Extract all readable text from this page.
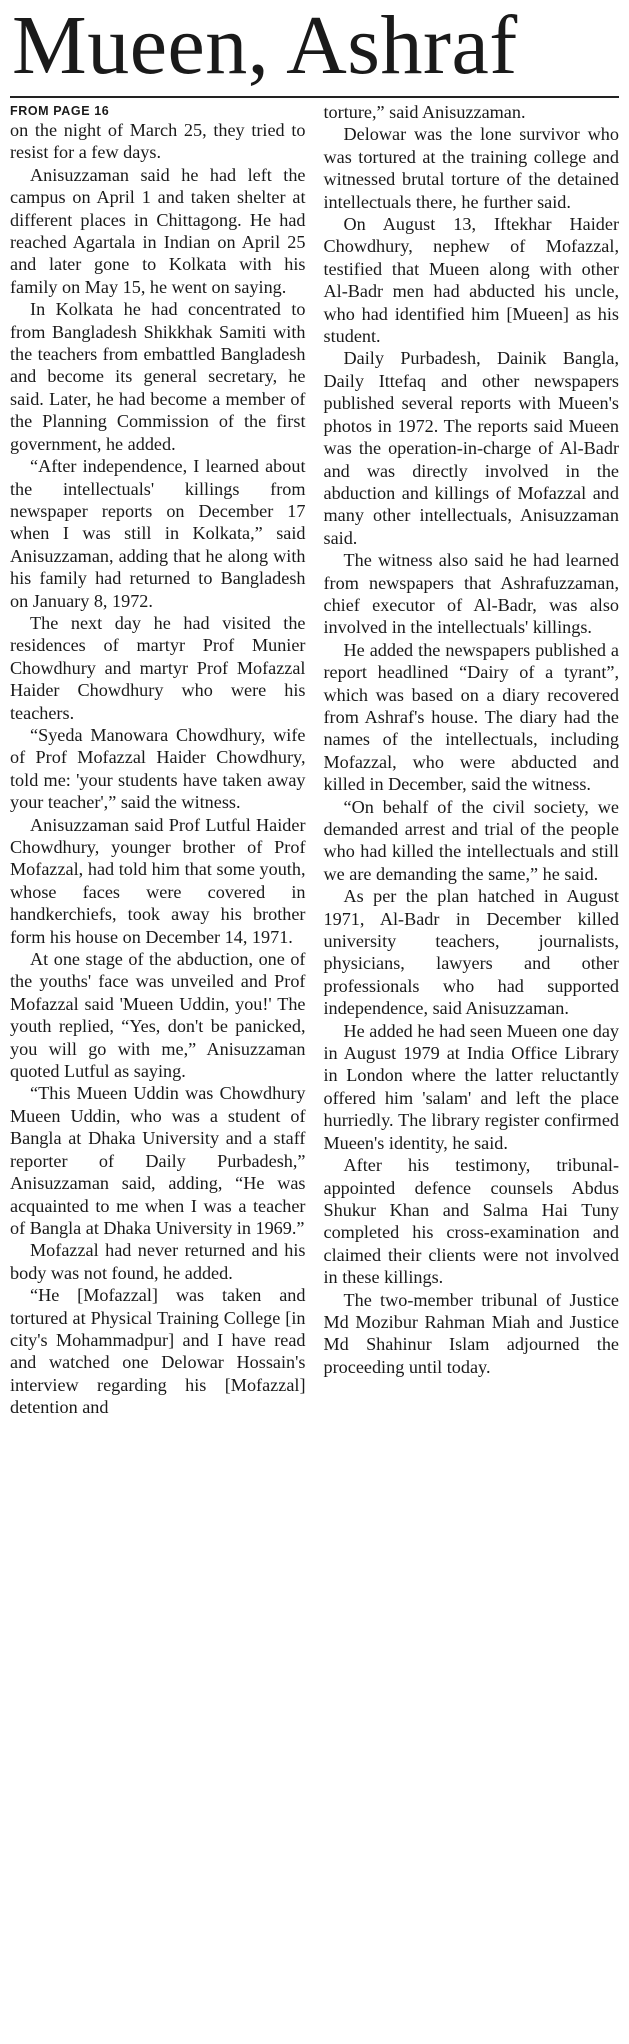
Mueen, Ashraf
FROM PAGE 16

on the night of March 25, they tried to resist for a few days.

Anisuzzaman said he had left the campus on April 1 and taken shelter at different places in Chittagong. He had reached Agartala in Indian on April 25 and later gone to Kolkata with his family on May 15, he went on saying.

In Kolkata he had concentrated to from Bangladesh Shikkhak Samiti with the teachers from embattled Bangladesh and become its general secretary, he said. Later, he had become a member of the Planning Commission of the first government, he added.

“After independence, I learned about the intellectuals' killings from newspaper reports on December 17 when I was still in Kolkata,” said Anisuzzaman, adding that he along with his family had returned to Bangladesh on January 8, 1972.

The next day he had visited the residences of martyr Prof Munier Chowdhury and martyr Prof Mofazzal Haider Chowdhury who were his teachers.

“Syeda Manowara Chowdhury, wife of Prof Mofazzal Haider Chowdhury, told me: 'your students have taken away your teacher',” said the witness.

Anisuzzaman said Prof Lutful Haider Chowdhury, younger brother of Prof Mofazzal, had told him that some youth, whose faces were covered in handkerchiefs, took away his brother form his house on December 14, 1971.

At one stage of the abduction, one of the youths' face was unveiled and Prof Mofazzal said 'Mueen Uddin, you!' The youth replied, “Yes, don't be panicked, you will go with me,” Anisuzzaman quoted Lutful as saying.

“This Mueen Uddin was Chowdhury Mueen Uddin, who was a student of Bangla at Dhaka University and a staff reporter of Daily Purbadesh,” Anisuzzaman said, adding, “He was acquainted to me when I was a teacher of Bangla at Dhaka University in 1969.”

Mofazzal had never returned and his body was not found, he added.

“He [Mofazzal] was taken and tortured at Physical Training College [in city's Mohammadpur] and I have read and watched one Delowar Hossain's interview regarding his [Mofazzal] detention and

torture,” said Anisuzzaman.

Delowar was the lone survivor who was tortured at the training college and witnessed brutal torture of the detained intellectuals there, he further said.

On August 13, Iftekhar Haider Chowdhury, nephew of Mofazzal, testified that Mueen along with other Al-Badr men had abducted his uncle, who had identified him [Mueen] as his student.

Daily Purbadesh, Dainik Bangla, Daily Ittefaq and other newspapers published several reports with Mueen's photos in 1972. The reports said Mueen was the operation-in-charge of Al-Badr and was directly involved in the abduction and killings of Mofazzal and many other intellectuals, Anisuzzaman said.

The witness also said he had learned from newspapers that Ashrafuzzaman, chief executor of Al-Badr, was also involved in the intellectuals' killings.

He added the newspapers published a report headlined “Dairy of a tyrant”, which was based on a diary recovered from Ashraf's house. The diary had the names of the intellectuals, including Mofazzal, who were abducted and killed in December, said the witness.

“On behalf of the civil society, we demanded arrest and trial of the people who had killed the intellectuals and still we are demanding the same,” he said.

As per the plan hatched in August 1971, Al-Badr in December killed university teachers, journalists, physicians, lawyers and other professionals who had supported independence, said Anisuzzaman.

He added he had seen Mueen one day in August 1979 at India Office Library in London where the latter reluctantly offered him 'salam' and left the place hurriedly. The library register confirmed Mueen's identity, he said.

After his testimony, tribunal-appointed defence counsels Abdus Shukur Khan and Salma Hai Tuny completed his cross-examination and claimed their clients were not involved in these killings.

The two-member tribunal of Justice Md Mozibur Rahman Miah and Justice Md Shahinur Islam adjourned the proceeding until today.
